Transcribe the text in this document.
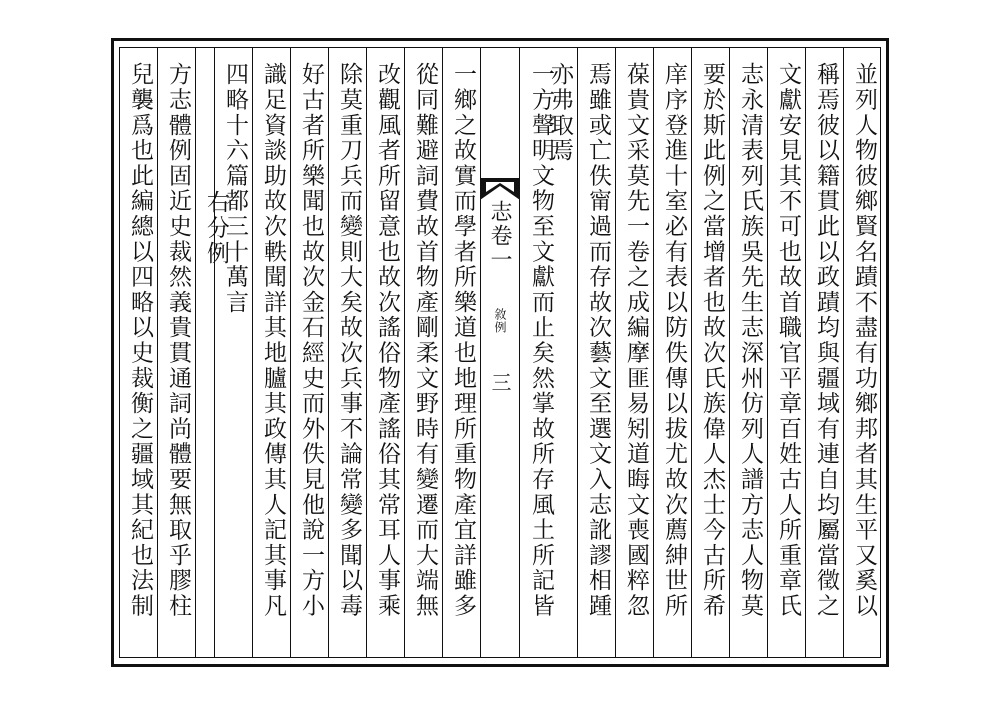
志卷一
敘例
三	並列人物彼鄉賢名蹟不盡有功鄉邦者其生平又奚以
稱焉彼以籍貫此以政蹟均與疆域有連自均屬當徵之
文獻安見其不可也故首職官平章百姓古人所重章氏
志永清表列氏族吳先生志深州仿列人譜方志人物莫
要於斯此例之當增者也故次氏族偉人杰士今古所希
庠序登進十室必有表以防佚傳以拔尤故次薦紳世所
葆貴文采莫先一卷之成編摩匪易矧道晦文喪國粹忽
焉雖或亡佚甯過而存故次藝文至選文入志訛謬相踵
亦弗取焉
一方聲明文物至文獻而止矣然掌故所存風土所記皆
一鄉之故實而學者所樂道也地理所重物產宜詳雖多
從同難避詞費故首物產剛柔文野時有變遷而大端無
改觀風者所留意也故次謠俗物產謠俗其常耳人事乘
除莫重刀兵而變則大矣故次兵事不論常變多聞以毒
好古者所樂聞也故次金石經史而外佚見他說一方小
識足資談助故次軼聞詳其地臚其政傳其人記其事凡
四略十六篇都三十萬言
右分例
方志體例固近史裁然義貴貫通詞尚體要無取乎膠柱
兒襲爲也此編總以四略以史裁衡之疆域其紀也法制
